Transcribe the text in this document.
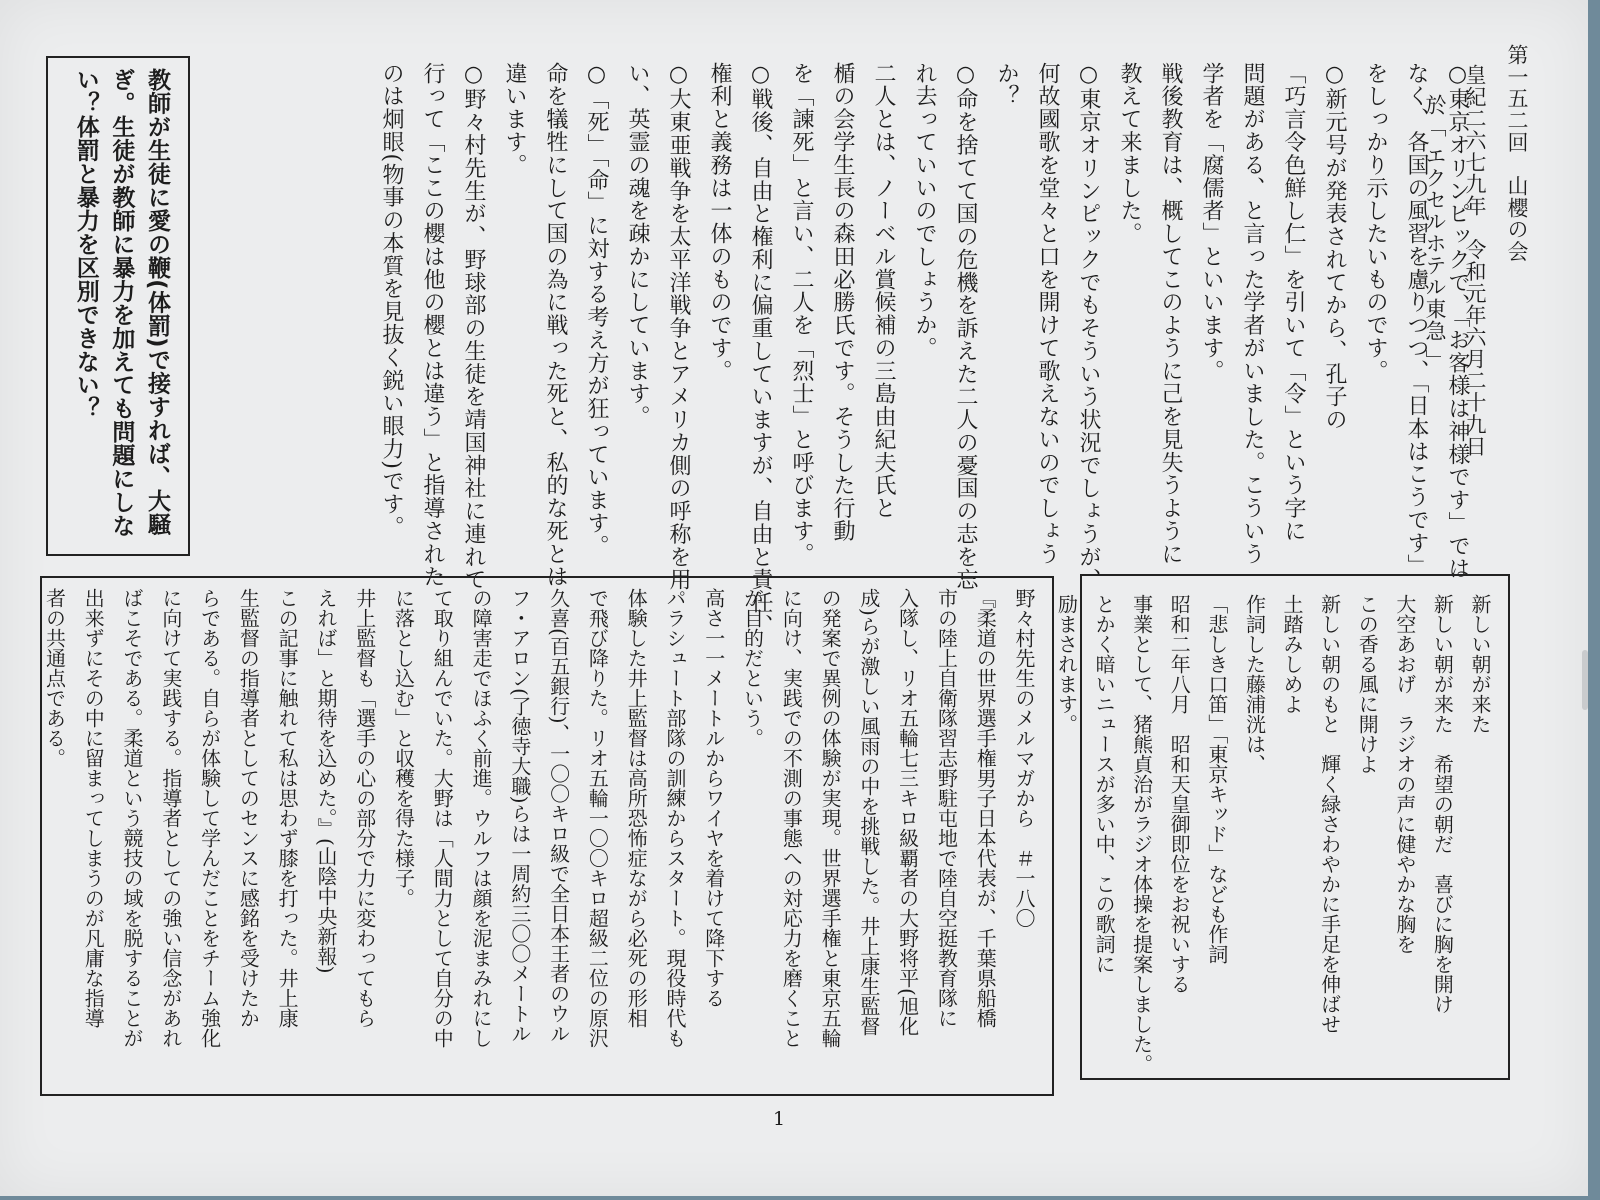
第一五二回　山櫻の会
皇紀二六七九年　令和元年六月二十九日
於「 エクセルホテル東急 」
○東京オリンピックで、「お客様は神様です」では
なく、各国の風習を慮りつつ、「日本はこうです」
をしっかり示したいものです。
○新元号が発表されてから、孔子の
「巧言令色鮮し仁」を引いて「令」という字に
問題がある、と言った学者がいました。こういう
学者を「腐儒者」といいます。
戦後教育は、概してこのように己を見失うように
教えて来ました。
○東京オリンピックでもそういう状況でしょうが、
何故國歌を堂々と口を開けて歌えないのでしょう
か？
○命を捨てて国の危機を訴えた二人の憂国の志を忘
れ去っていいのでしょうか。
二人とは、ノーベル賞候補の三島由紀夫氏と
楯の会学生長の森田必勝氏です。そうした行動
を「諫死」と言い、二人を「烈士」と呼びます。
○戦後、自由と権利に偏重していますが、自由と責任、
権利と義務は一体のものです。
○大東亜戦争を太平洋戦争とアメリカ側の呼称を用
い、英霊の魂を疎かにしています。
○「死」「命」に対する考え方が狂っています。
命を犠牲にして国の為に戦った死と、私的な死とは
違います。
○野々村先生が、野球部の生徒を靖国神社に連れて
行って「ここの櫻は他の櫻とは違う」と指導された
のは炯眼(物事の本質を見抜く鋭い眼力)です。
教師が生徒に愛の鞭(体罰)で接すれば、大騒
ぎ。生徒が教師に暴力を加えても問題にしな
い？体罰と暴力を区別できない？
新しい朝が来た
新しい朝が来た　希望の朝だ　喜びに胸を開け
大空あおげ　ラジオの声に健やかな胸を
この香る風に開けよ
新しい朝のもと　輝く緑さわやかに手足を伸ばせ
土踏みしめよ
作詞した藤浦洸は、
「悲しき口笛」「東京キッド」なども作詞
昭和二年八月　昭和天皇御即位をお祝いする
事業として、猪熊貞治がラジオ体操を提案しました。
とかく暗いニュースが多い中、この歌詞に
励まされます。
野々村先生のメルマガから　＃一八〇
『柔道の世界選手権男子日本代表が、千葉県船橋
市の陸上自衛隊習志野駐屯地で陸自空挺教育隊に
入隊し、リオ五輪七三キロ級覇者の大野将平(旭化
成)らが激しい風雨の中を挑戦した。井上康生監督
の発案で異例の体験が実現。世界選手権と東京五輪
に向け、実践での不測の事態への対応力を磨くこと
が目的だという。
高さ一一メートルからワイヤを着けて降下する
パラシュート部隊の訓練からスタート。現役時代も
体験した井上監督は高所恐怖症ながら必死の形相
で飛び降りた。リオ五輪一〇〇キロ超級二位の原沢
久喜(百五銀行)、一〇〇キロ級で全日本王者のウル
フ・アロン(了徳寺大職)らは一周約三〇〇メートル
の障害走でほふく前進。ウルフは顔を泥まみれにし
て取り組んでいた。大野は「人間力として自分の中
に落とし込む」と収穫を得た様子。
井上監督も「選手の心の部分で力に変わってもら
えれば」と期待を込めた。』(山陰中央新報)
この記事に触れて私は思わず膝を打った。井上康
生監督の指導者としてのセンスに感銘を受けたか
らである。自らが体験して学んだことをチーム強化
に向けて実践する。指導者としての強い信念があれ
ばこそである。柔道という競技の域を脱することが
出来ずにその中に留まってしまうのが凡庸な指導
者の共通点である。
1
